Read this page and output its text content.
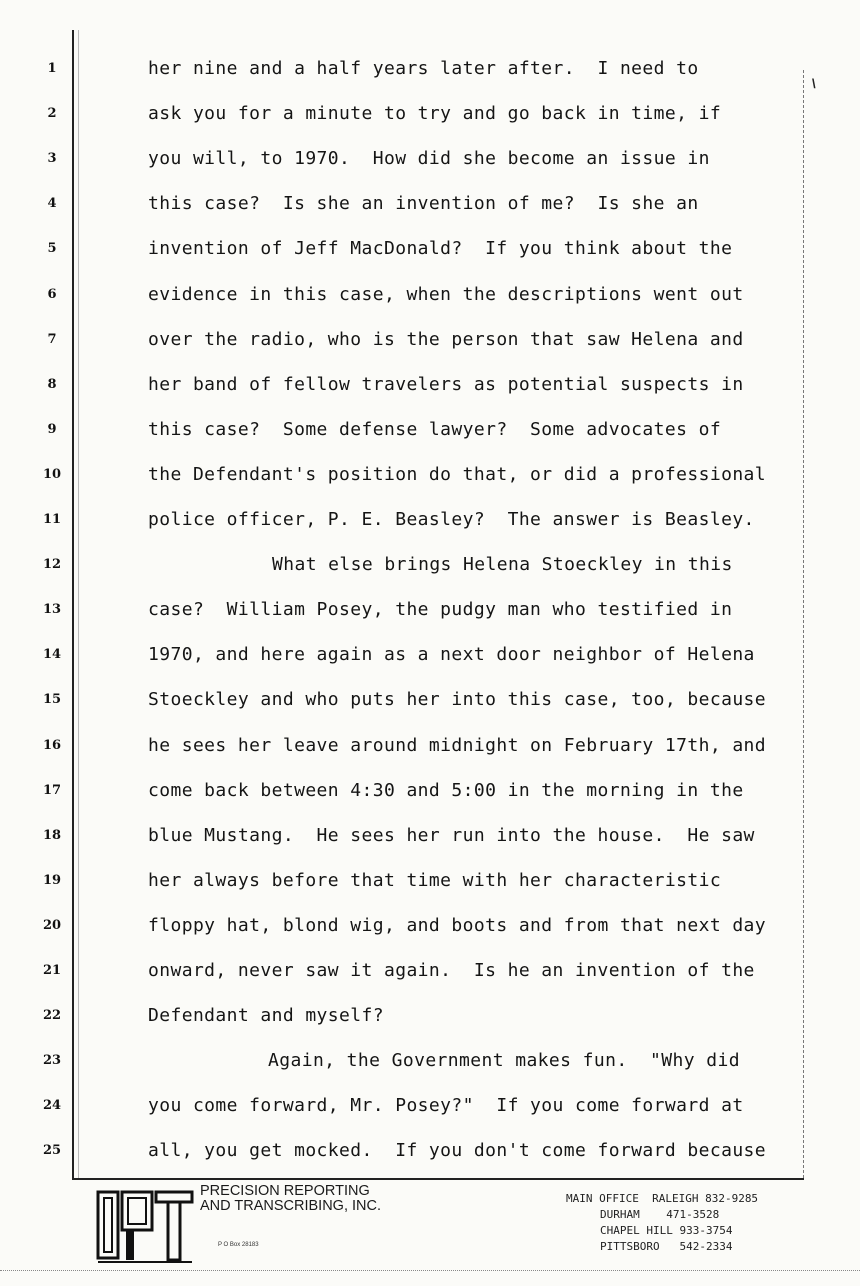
\
1	her nine and a half years later after.  I need to
2	ask you for a minute to try and go back in time, if
3	you will, to 1970.  How did she become an issue in
4	this case?  Is she an invention of me?  Is she an
5	invention of Jeff MacDonald?  If you think about the
6	evidence in this case, when the descriptions went out
7	over the radio, who is the person that saw Helena and
8	her band of fellow travelers as potential suspects in
9	this case?  Some defense lawyer?  Some advocates of
10	the Defendant's position do that, or did a professional
11	police officer, P. E. Beasley?  The answer is Beasley.
12	What else brings Helena Stoeckley in this
13	case?  William Posey, the pudgy man who testified in
14	1970, and here again as a next door neighbor of Helena
15	Stoeckley and who puts her into this case, too, because
16	he sees her leave around midnight on February 17th, and
17	come back between 4:30 and 5:00 in the morning in the
18	blue Mustang.  He sees her run into the house.  He saw
19	her always before that time with her characteristic
20	floppy hat, blond wig, and boots and from that next day
21	onward, never saw it again.  Is he an invention of the
22	Defendant and myself?
23	Again, the Government makes fun.  "Why did
24	you come forward, Mr. Posey?"  If you come forward at
25	all, you get mocked.  If you don't come forward because
P&T
PRECISION REPORTING
AND TRANSCRIBING, INC.
P O Box 28183
MAIN OFFICE  RALEIGH 832-9285
DURHAM 471-3528
CHAPEL HILL 933-3754
PITTSBORO 542-2334
